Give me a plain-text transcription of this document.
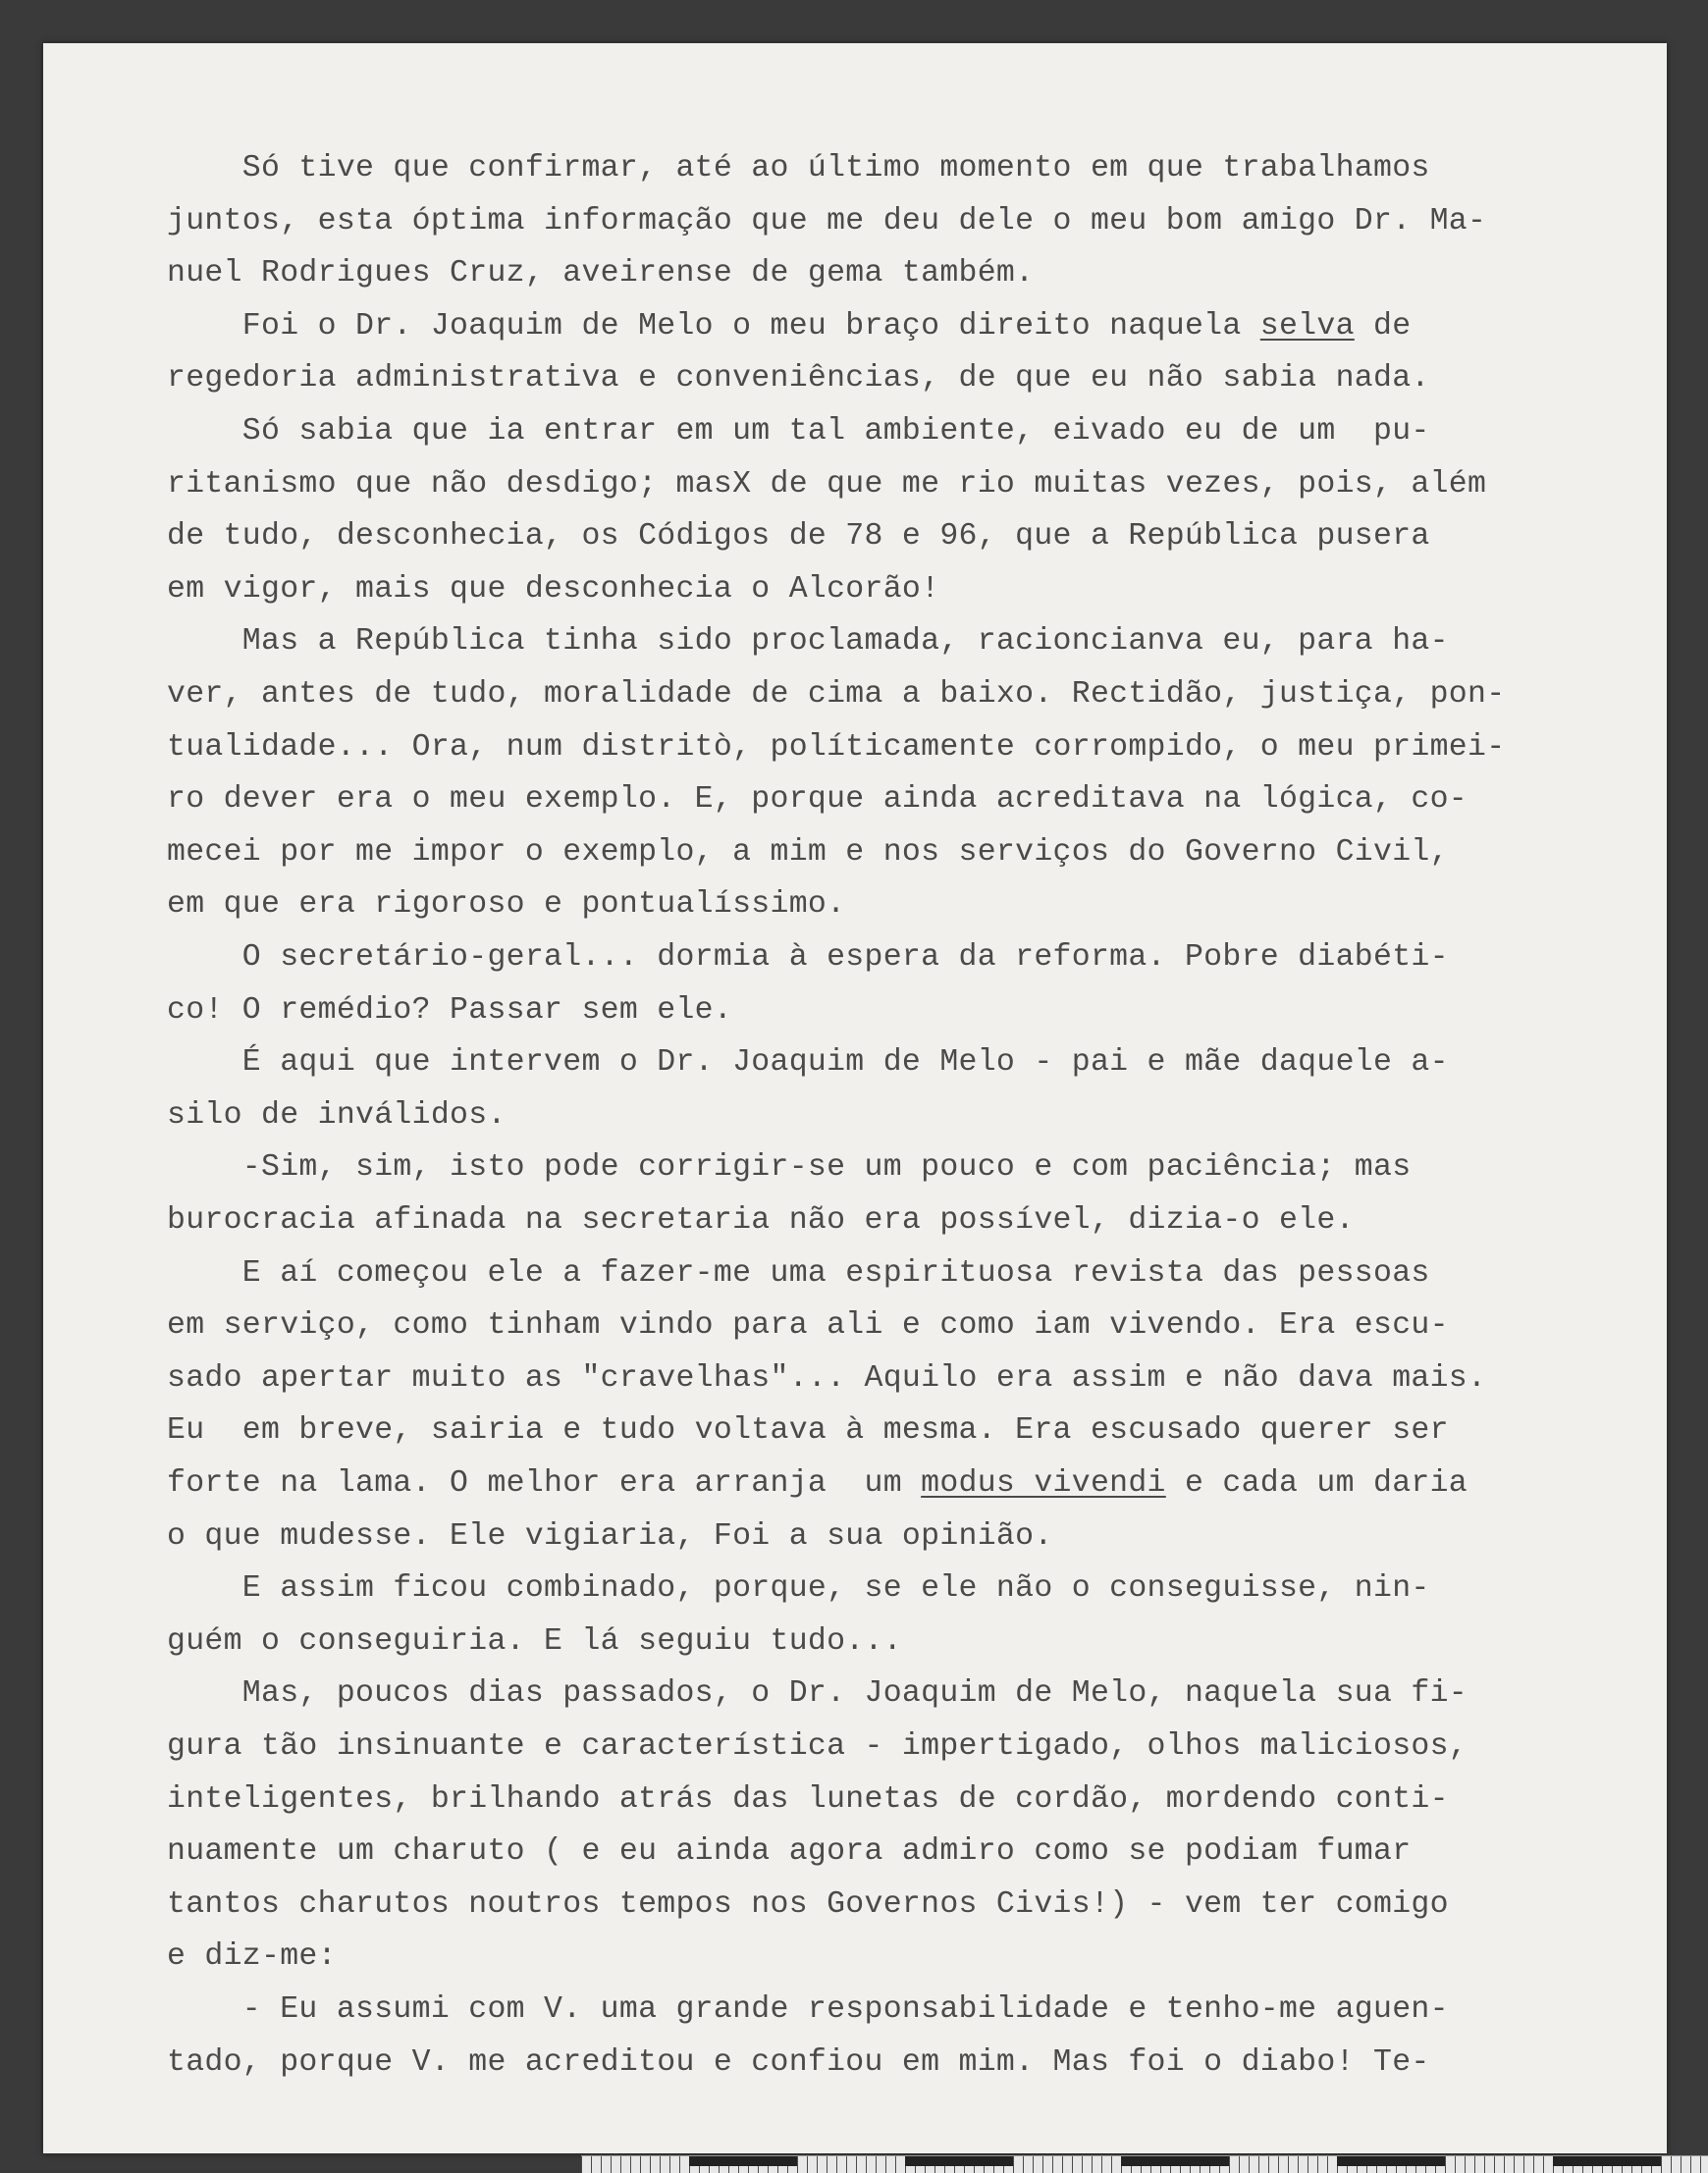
Só tive que confirmar, até ao último momento em que trabalhamos
juntos, esta óptima informação que me deu dele o meu bom amigo Dr. Ma-
nuel Rodrigues Cruz, aveirense de gema também.
Foi o Dr. Joaquim de Melo o meu braço direito naquela selva de
regedoria administrativa e conveniências, de que eu não sabia nada.
Só sabia que ia entrar em um tal ambiente, eivado eu de um  pu-
ritanismo que não desdigo; masX de que me rio muitas vezes, pois, além
de tudo, desconhecia, os Códigos de 78 e 96, que a República pusera
em vigor, mais que desconhecia o Alcorão!
Mas a República tinha sido proclamada, racioncianva eu, para ha-
ver, antes de tudo, moralidade de cima a baixo. Rectidão, justiça, pon-
tualidade... Ora, num distritò, políticamente corrompido, o meu primei-
ro dever era o meu exemplo. E, porque ainda acreditava na lógica, co-
mecei por me impor o exemplo, a mim e nos serviços do Governo Civil,
em que era rigoroso e pontualíssimo.
O secretário-geral... dormia à espera da reforma. Pobre diabéti-
co! O remédio? Passar sem ele.
É aqui que intervem o Dr. Joaquim de Melo - pai e mãe daquele a-
silo de inválidos.
-Sim, sim, isto pode corrigir-se um pouco e com paciência; mas
burocracia afinada na secretaria não era possível, dizia-o ele.
E aí começou ele a fazer-me uma espirituosa revista das pessoas
em serviço, como tinham vindo para ali e como iam vivendo. Era escu-
sado apertar muito as "cravelhas"... Aquilo era assim e não dava mais.
Eu  em breve, sairia e tudo voltava à mesma. Era escusado querer ser
forte na lama. O melhor era arranja  um modus vivendi e cada um daria
o que mudesse. Ele vigiaria, Foi a sua opinião.
E assim ficou combinado, porque, se ele não o conseguisse, nin-
guém o conseguiria. E lá seguiu tudo...
Mas, poucos dias passados, o Dr. Joaquim de Melo, naquela sua fi-
gura tão insinuante e característica - impertigado, olhos maliciosos,
inteligentes, brilhando atrás das lunetas de cordão, mordendo conti-
nuamente um charuto ( e eu ainda agora admiro como se podiam fumar
tantos charutos noutros tempos nos Governos Civis!) - vem ter comigo
e diz-me:
- Eu assumi com V. uma grande responsabilidade e tenho-me aguen-
tado, porque V. me acreditou e confiou em mim. Mas foi o diabo! Te-
